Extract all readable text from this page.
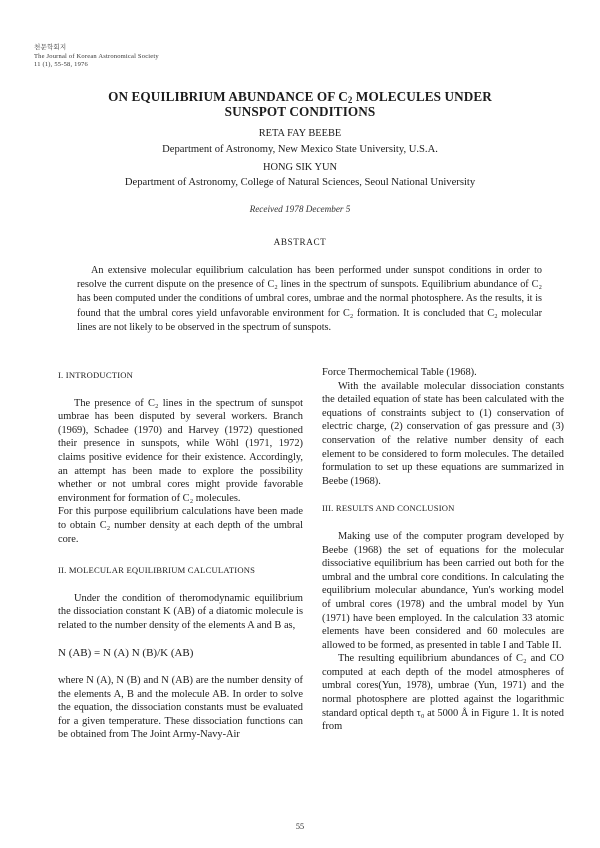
천문학회지
The Journal of Korean Astronomical Society
11 (1), 55-58, 1976
ON EQUILIBRIUM ABUNDANCE OF $C_2$ MOLECULES UNDER
SUNSPOT CONDITIONS
RETA FAY BEEBE
Department of Astronomy, New Mexico State University, U.S.A.
HONG SIK YUN
Department of Astronomy, College of Natural Sciences, Seoul National University
Received 1978 December 5
ABSTRACT
An extensive molecular equilibrium calculation has been performed under sunspot conditions in order to resolve the current dispute on the presence of C₂ lines in the spectrum of sunspots. Equilibrium abundance of C₂ has been computed under the conditions of umbral cores, umbrae and the normal photosphere. As the results, it is found that the umbral cores yield unfavorable environment for C₂ formation. It is concluded that C₂ molecular lines are not likely to be observed in the spectrum of sunspots.

I. INTRODUCTION

The presence of C₂ lines in the spectrum of sunspot umbrae has been disputed by several workers. Branch (1969), Schadee (1970) and Harvey (1972) questioned their presence in sunspots, while Wöhl (1971, 1972) claims positive evidence for their existence. Accordingly, an attempt has been made to explore the possibility whether or not umbral cores might provide favorable environment for formation of C₂ molecules.

For this purpose equilibrium calculations have been made to obtain C₂ number density at each depth of the umbral core.

II. MOLECULAR EQUILIBRIUM CALCULATIONS

Under the condition of theromodynamic equilibrium the dissociation constant K (AB) of a diatomic molecule is related to the number density of the elements A and B as,

N (AB) = N (A) N (B)/K (AB)

where N (A), N (B) and N (AB) are the number density of the elements A, B and the molecule AB. In order to solve the equation, the dissociation constants must be evaluated for a given temperature. These dissociation functions can be obtained from The Joint Army-Navy-Air

Force Thermochemical Table (1968).

With the available molecular dissociation constants the detailed equation of state has been calculated with the equations of constraints subject to (1) conservation of electric charge, (2) conservation of gas pressure and (3) conservation of the relative number density of each element to be considered to form molecules. The detailed formulation to set up these equations are summarized in Beebe (1968).

III. RESULTS AND CONCLUSION

Making use of the computer program developed by Beebe (1968) the set of equations for the molecular dissociative equilibrium has been carried out both for the umbral and the umbral core conditions. In calculating the equilibrium molecular abundance, Yun's working model of umbral cores (1978) and the umbral model by Yun (1971) have been employed. In the calculation 33 atomic elements have been considered and 60 molecules are allowed to be formed, as presented in table I and Table II.

The resulting equilibrium abundances of C₂ and CO computed at each depth of the model atmospheres of umbral cores(Yun, 1978), umbrae (Yun, 1971) and the normal photosphere are plotted against the logarithmic standard optical depth τ₀ at 5000 Å in Figure 1. It is noted from

55
